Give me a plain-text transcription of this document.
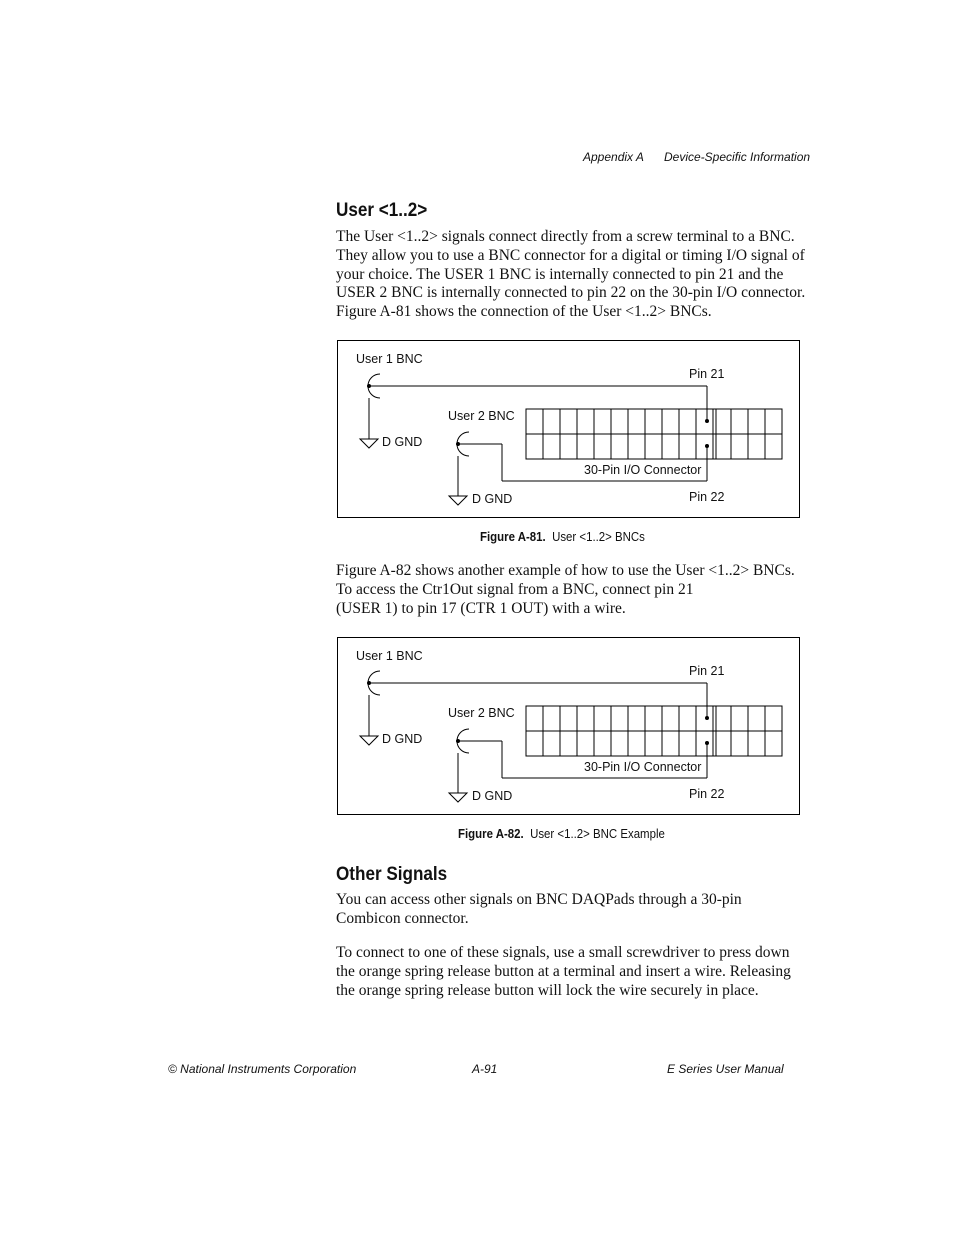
Appendix A Device-Specific Information
User <1..2>
The User <1..2> signals connect directly from a screw terminal to a BNC.
They allow you to use a BNC connector for a digital or timing I/O signal of
your choice. The USER 1 BNC is internally connected to pin 21 and the
USER 2 BNC is internally connected to pin 22 on the 30-pin I/O connector.
Figure A-81 shows the connection of the User <1..2> BNCs.
User 1 BNC
D GND
User 2 BNC
D GND
Pin 21
Pin 22
30-Pin I/O Connector
Figure A-81. User <1..2> BNCs
Figure A-82 shows another example of how to use the User <1..2> BNCs.
To access the Ctr1Out signal from a BNC, connect pin 21
(USER 1) to pin 17 (CTR 1 OUT) with a wire.
User 1 BNC
D GND
User 2 BNC
D GND
Pin 21
Pin 22
30-Pin I/O Connector
Figure A-82. User <1..2> BNC Example
Other Signals
You can access other signals on BNC DAQPads through a 30-pin
Combicon connector.
To connect to one of these signals, use a small screwdriver to press down
the orange spring release button at a terminal and insert a wire. Releasing
the orange spring release button will lock the wire securely in place.
© National Instruments Corporation	A-91	E Series User Manual
